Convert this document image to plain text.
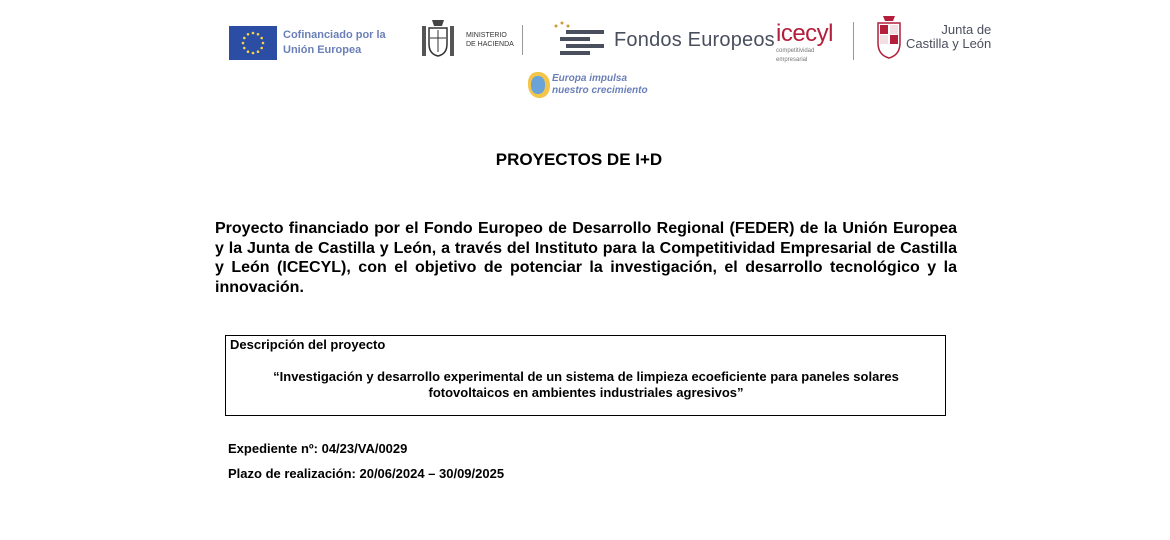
Cofinanciado por la Unión Europea
MINISTERIO
DE HACIENDA	Fondos Europeos icecyl
competitividad
empresarial
Junta de
Castilla y León
Europa impulsa
nuestro crecimiento
PROYECTOS DE I+D
Proyecto financiado por el Fondo Europeo de Desarrollo Regional (FEDER) de la Unión Europea y la Junta de Castilla y León, a través del Instituto para la Competitividad Empresarial de Castilla y León (ICECYL), con el objetivo de potenciar la investigación, el desarrollo tecnológico y la innovación.
Descripción del proyecto
“Investigación y desarrollo experimental de un sistema de limpieza ecoeficiente para paneles solares fotovoltaicos en ambientes industriales agresivos”
Expediente nº: 04/23/VA/0029
Plazo de realización: 20/06/2024 – 30/09/2025
